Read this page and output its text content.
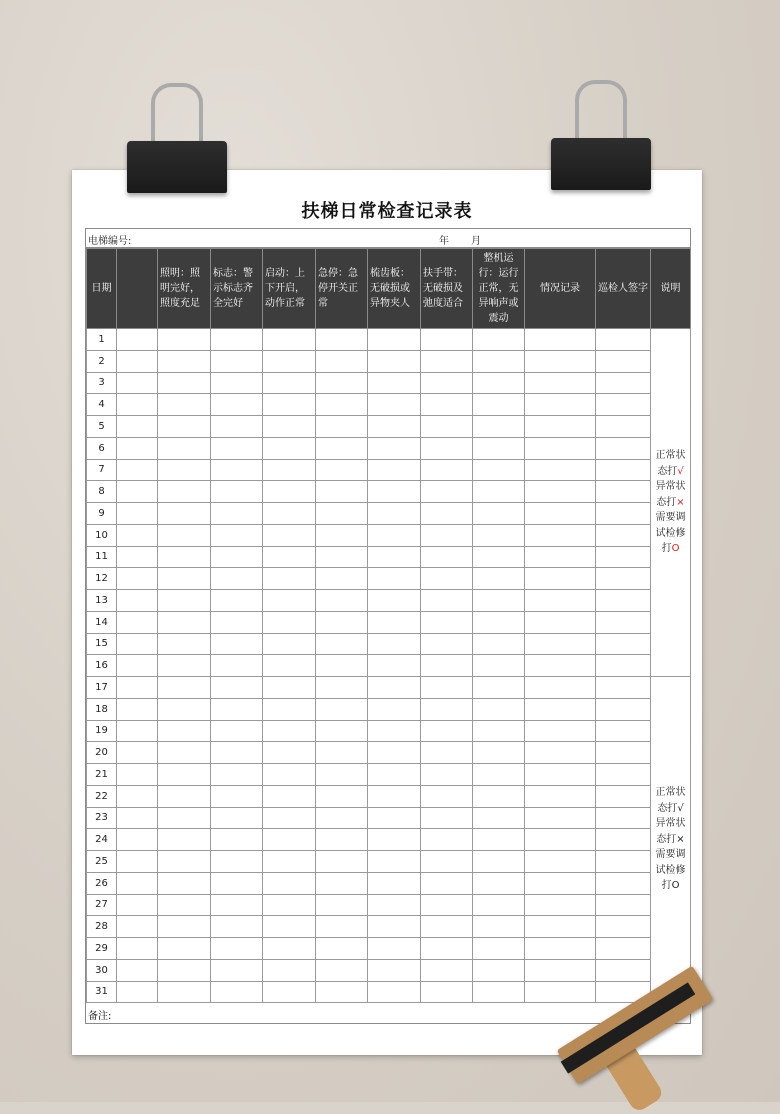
扶梯日常检查记录表
电梯编号:	年 月
日期		照明：照明完好，照度充足	标志：警示标志齐全完好	启动：上下开启，动作正常	急停：急停开关正常	梳齿板：无破损或异物夹人	扶手带：无破损及弛度适合	整机运行：运行正常，无异响声或震动	情况记录	巡检人签字	说明
1											正常状态打√异常状态打×需要调试检修打O
2											
3											
4											
5											
6											
7											
8											
9											
10											
11											
12											
13											
14											
15											
16											
17											正常状态打√异常状态打×需要调试检修打O
18											
19											
20											
21											
22											
23											
24											
25											
26											
27											
28											
29											
30											
31											
备注:
